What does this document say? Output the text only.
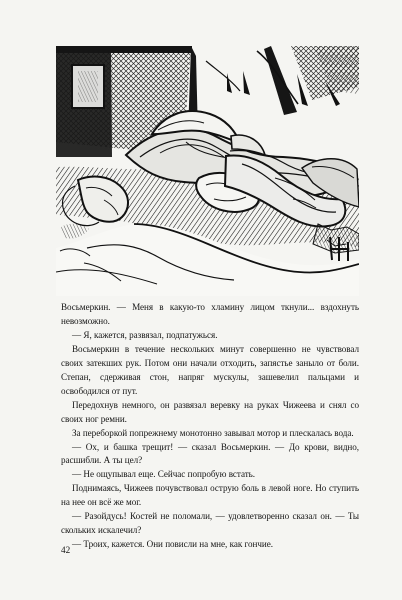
Восьмеркин. — Меня в какую-то хламину лицом ткнули... вздохнуть невозможно.

— Я, кажется, развязал, подпатужься.

Восьмеркин в течение нескольких минут совершенно не чувствовал своих затекших рук. Потом они начали отходить, запястье заныло от боли. Степан, сдерживая стон, напряг мускулы, зашевелил пальцами и освободился от пут.

Передохнув немного, он развязал веревку на руках Чижеева и снял со своих ног ремни.

За переборкой попрежнему монотонно завывал мотор и плескалась вода.

— Ох, и башка трещит! — сказал Восьмеркин. — До крови, видно, расшибли. А ты цел?

— Не ощупывал еще. Сейчас попробую встать.

Поднимаясь, Чижеев почувствовал острую боль в левой ноге. Но ступить на нее он всё же мог.

— Разойдусь! Костей не поломали, — удовлетворенно сказал он. — Ты скольких искалечил?

— Троих, кажется. Они повисли на мне, как гончие.

42
